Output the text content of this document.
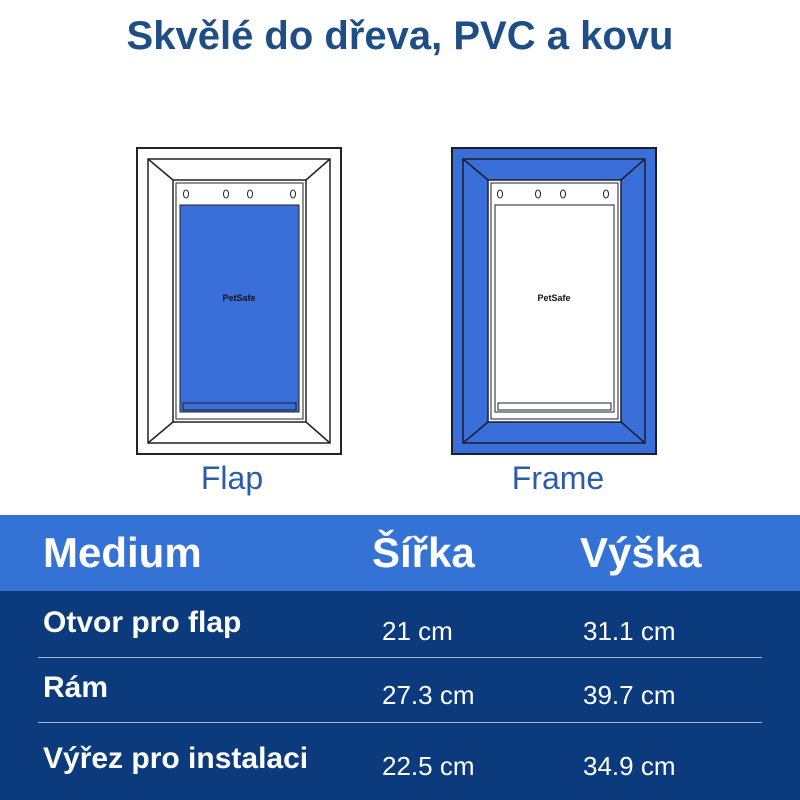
Skvělé do dřeva, PVC a kovu
PetSafe
Flap
PetSafe
Frame
Medium	Šířka	Výška
Otvor pro flap	21 cm	31.1 cm
Rám	27.3 cm	39.7 cm
Výřez pro instalaci	22.5 cm	34.9 cm
